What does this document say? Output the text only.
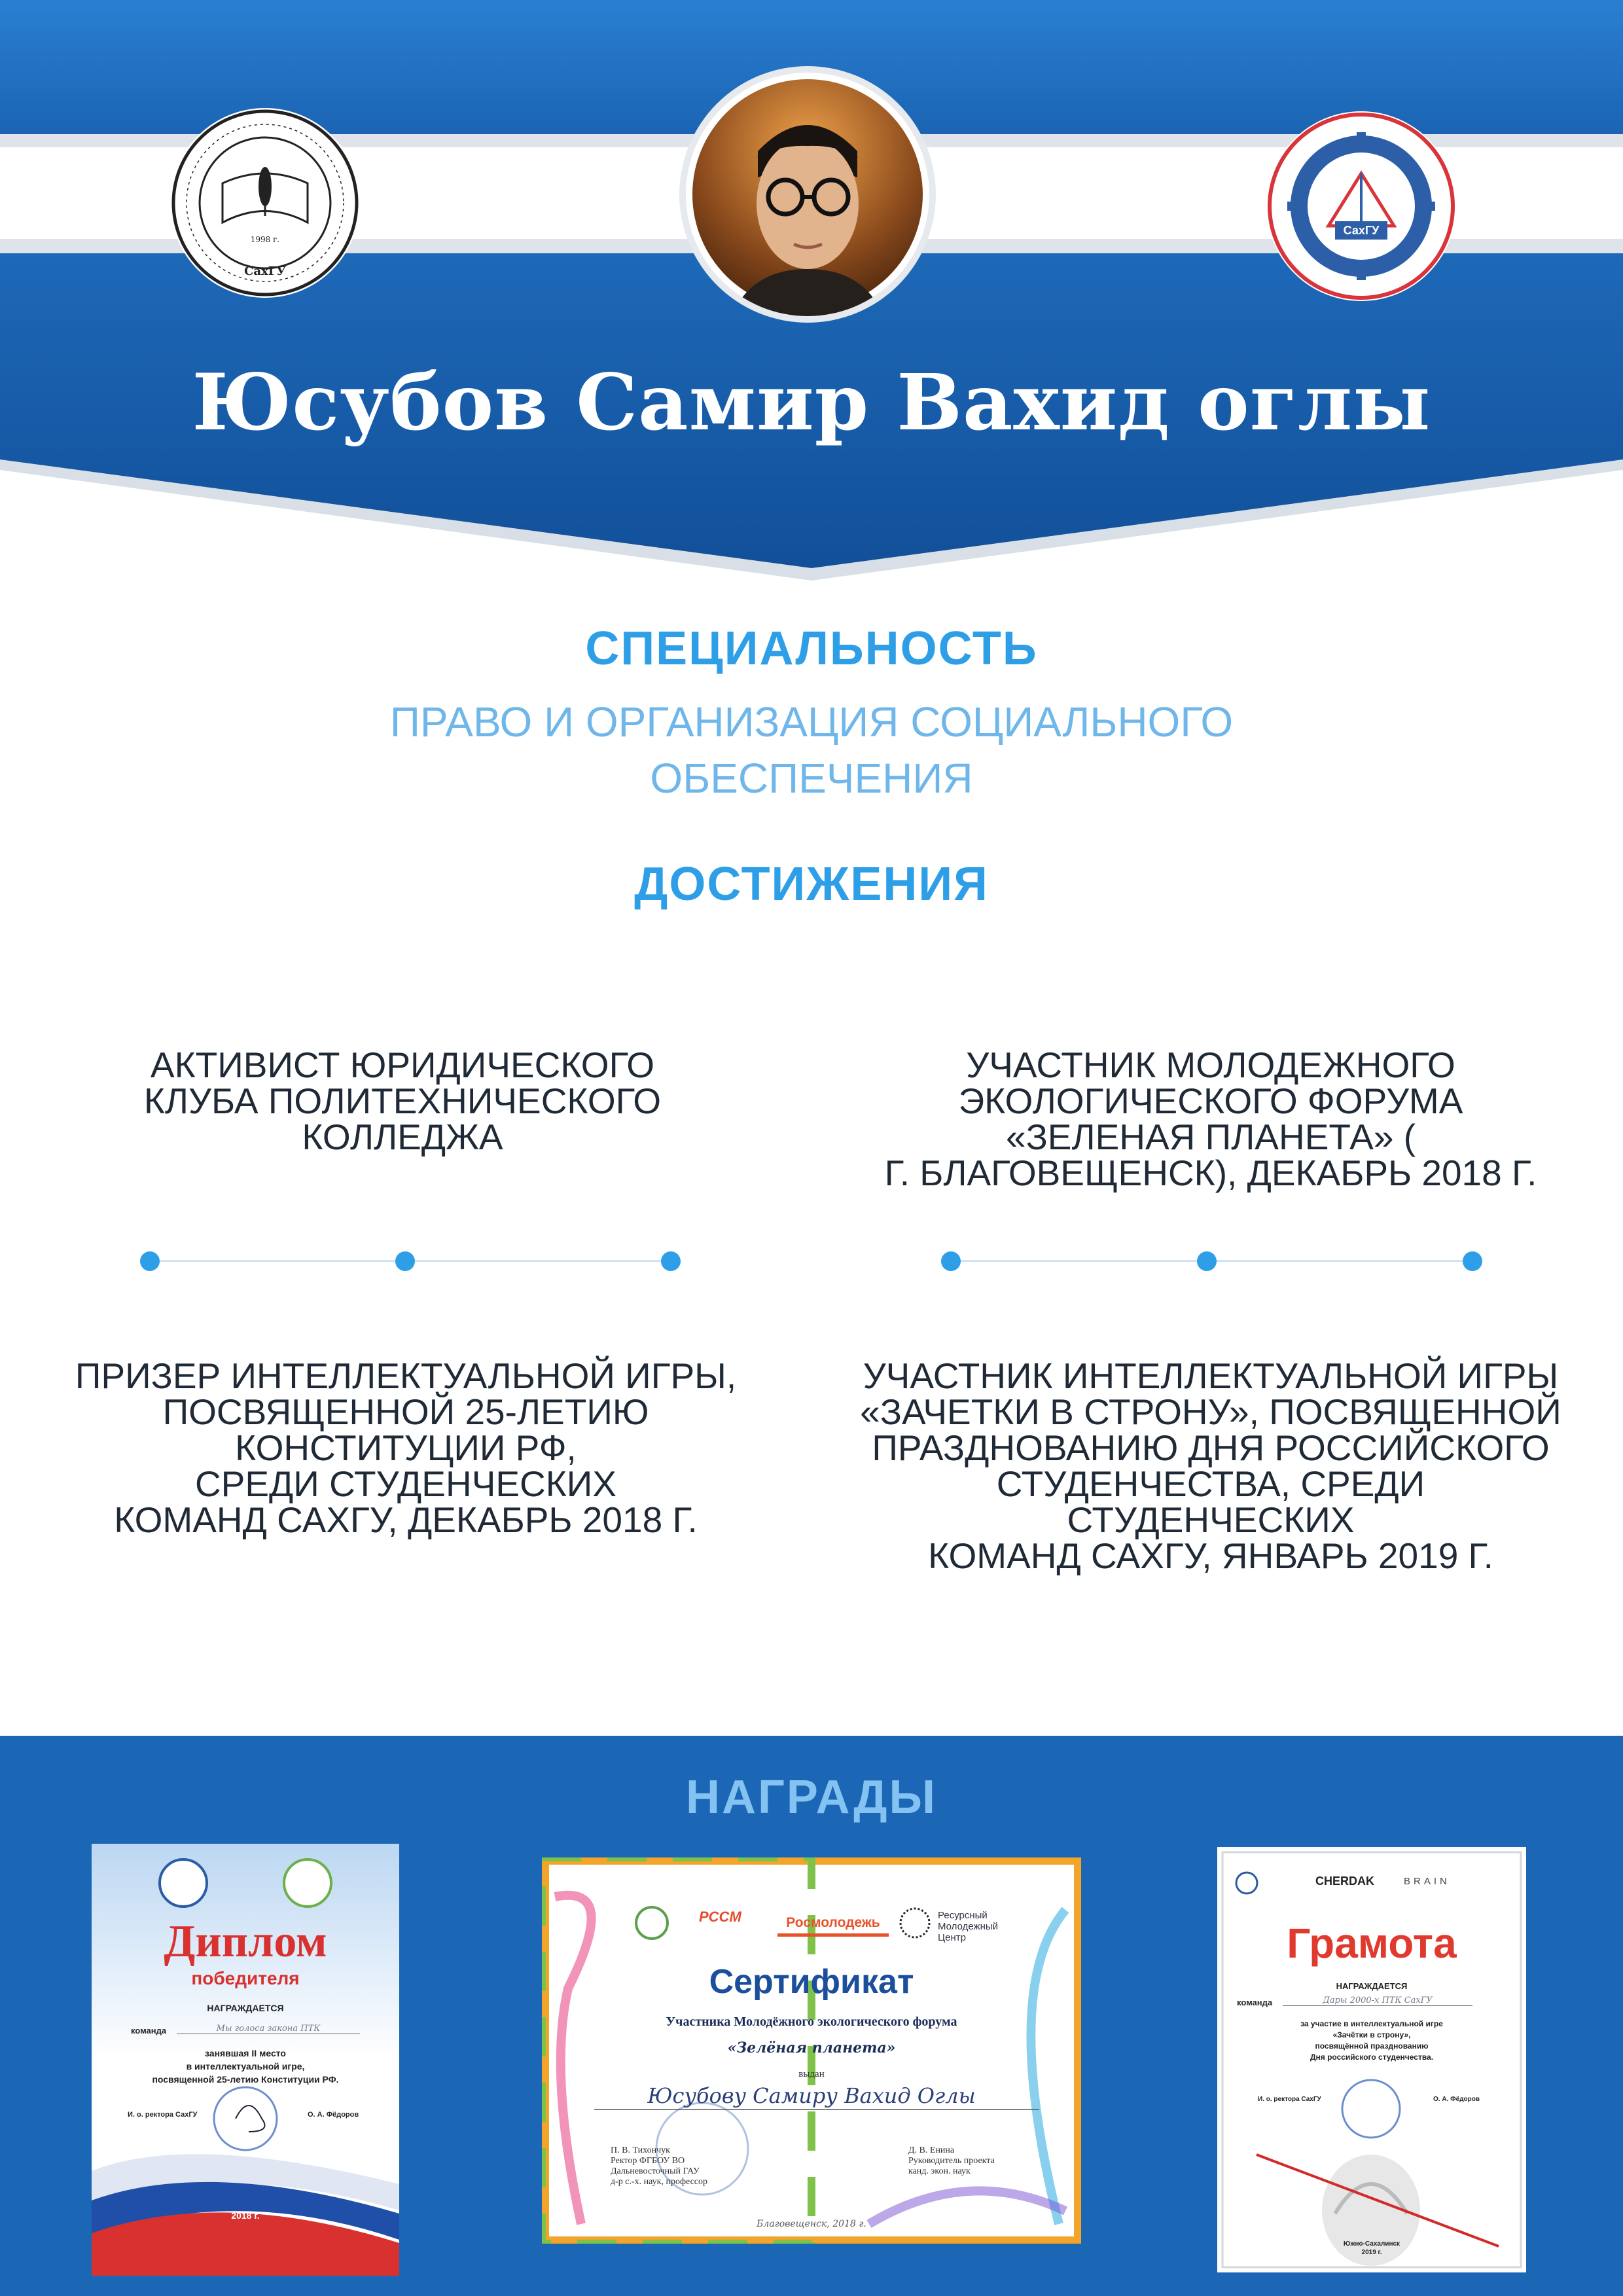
1998 г.
СахГУ
СахГУ
Юсубов Самир Вахид оглы
СПЕЦИАЛЬНОСТЬ
ПРАВО И ОРГАНИЗАЦИЯ СОЦИАЛЬНОГО
ОБЕСПЕЧЕНИЯ
ДОСТИЖЕНИЯ
АКТИВИСТ ЮРИДИЧЕСКОГО
КЛУБА ПОЛИТЕХНИЧЕСКОГО
КОЛЛЕДЖА
УЧАСТНИК МОЛОДЕЖНОГО
ЭКОЛОГИЧЕСКОГО ФОРУМА
«ЗЕЛЕНАЯ ПЛАНЕТА» (
Г. БЛАГОВЕЩЕНСК), ДЕКАБРЬ 2018 Г.
ПРИЗЕР ИНТЕЛЛЕКТУАЛЬНОЙ ИГРЫ,
ПОСВЯЩЕННОЙ 25-ЛЕТИЮ
КОНСТИТУЦИИ РФ,
СРЕДИ СТУДЕНЧЕСКИХ
КОМАНД САХГУ, ДЕКАБРЬ 2018 Г.
УЧАСТНИК ИНТЕЛЛЕКТУАЛЬНОЙ ИГРЫ
«ЗАЧЕТКИ В СТРОНУ», ПОСВЯЩЕННОЙ
ПРАЗДНОВАНИЮ ДНЯ РОССИЙСКОГО
СТУДЕНЧЕСТВА, СРЕДИ СТУДЕНЧЕСКИХ
КОМАНД САХГУ, ЯНВАРЬ 2019 Г.
НАГРАДЫ
Диплом
победителя
НАГРАЖДАЕТСЯ
команда	Мы голоса закона ПТК
занявшая II место
в интеллектуальной игре,
посвященной 25-летию Конституции РФ.
И. о. ректора СахГУ	О. А. Фёдоров
2018 г.
РССМ	Росмолодежь	Ресурсный
Молодежный
Центр
Сертификат
Участника Молодёжного экологического форума
«Зелёная планета»
выдан
Юсубову Самиру Вахид Оглы
П. В. Тихончук
Ректор ФГБОУ ВО
Дальневосточный ГАУ
д-р с.-х. наук, профессор
Д. В. Енина
Руководитель проекта
канд. экон. наук
Благовещенск, 2018 г.
CHERDAK	BRAIN
Грамота
НАГРАЖДАЕТСЯ
команда	Дары 2000-х ПТК СахГУ
за участие в интеллектуальной игре
«Зачётки в строну»,
посвящённой празднованию
Дня российского студенчества.
И. о. ректора СахГУ	О. А. Фёдоров
Южно-Сахалинск
2019 г.
